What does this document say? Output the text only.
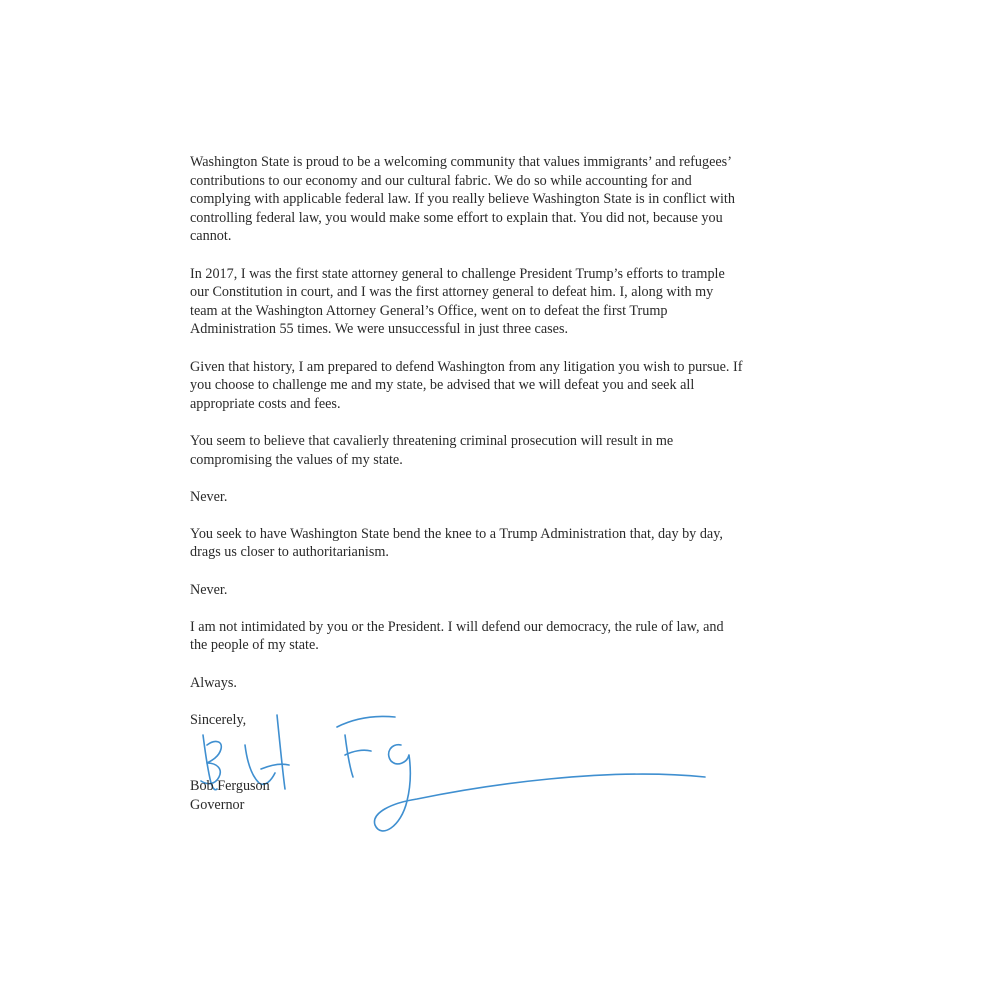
Washington State is proud to be a welcoming community that values immigrants’ and refugees’
contributions to our economy and our cultural fabric. We do so while accounting for and
complying with applicable federal law. If you really believe Washington State is in conflict with
controlling federal law, you would make some effort to explain that. You did not, because you
cannot.

In 2017, I was the first state attorney general to challenge President Trump’s efforts to trample
our Constitution in court, and I was the first attorney general to defeat him. I, along with my
team at the Washington Attorney General’s Office, went on to defeat the first Trump
Administration 55 times. We were unsuccessful in just three cases.

Given that history, I am prepared to defend Washington from any litigation you wish to pursue. If
you choose to challenge me and my state, be advised that we will defeat you and seek all
appropriate costs and fees.

You seem to believe that cavalierly threatening criminal prosecution will result in me
compromising the values of my state.

Never.

You seek to have Washington State bend the knee to a Trump Administration that, day by day,
drags us closer to authoritarianism.

Never.

I am not intimidated by you or the President. I will defend our democracy, the rule of law, and
the people of my state.

Always.

Sincerely,

Bob Ferguson
Governor
